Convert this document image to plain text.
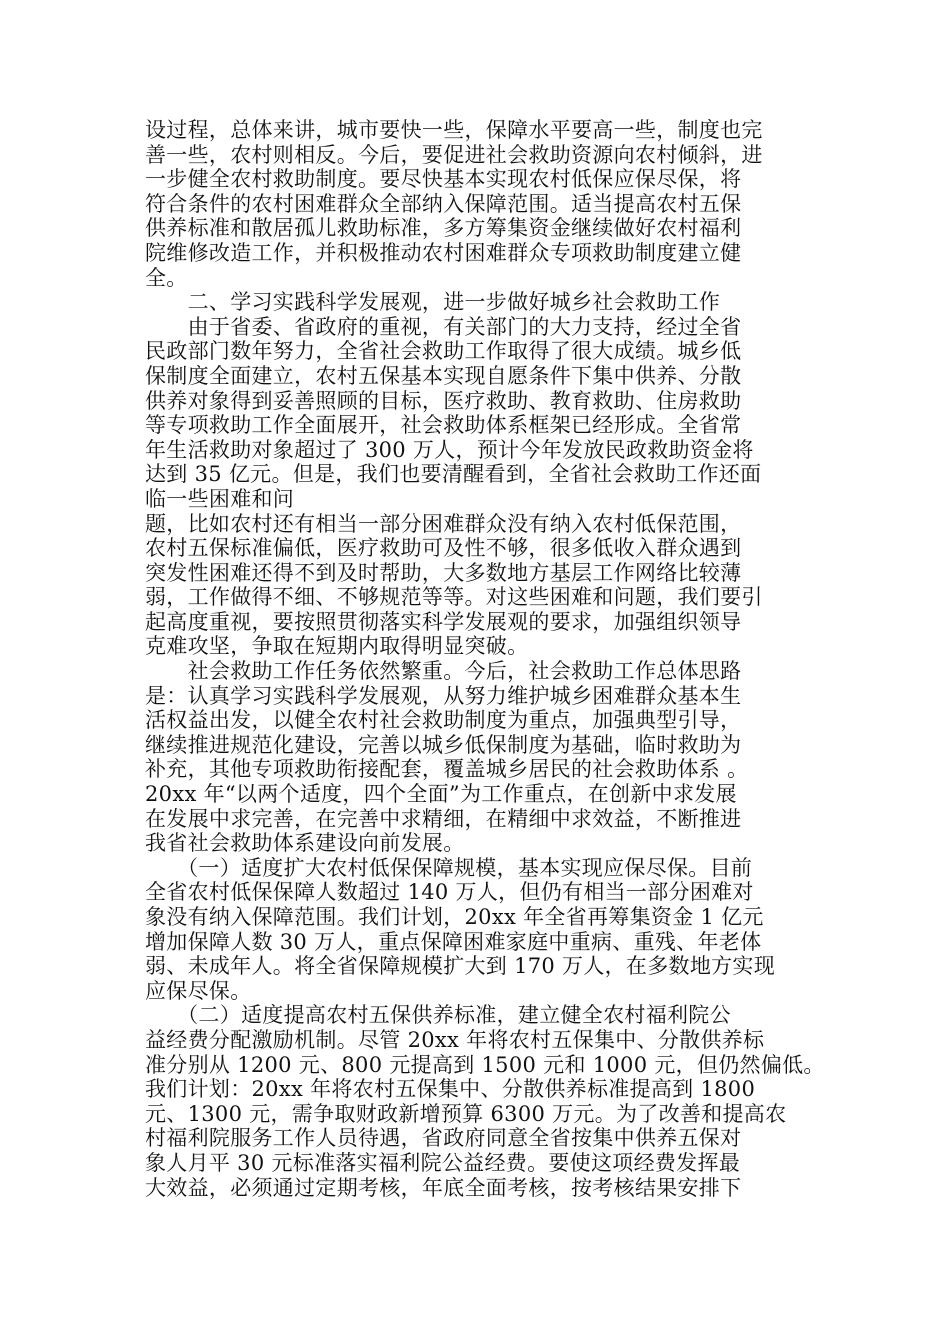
设过程，总体来讲，城市要快一些，保障水平要高一些，制度也完
善一些，农村则相反。今后，要促进社会救助资源向农村倾斜，进
一步健全农村救助制度。要尽快基本实现农村低保应保尽保，将
符合条件的农村困难群众全部纳入保障范围。适当提高农村五保
供养标准和散居孤儿救助标准，多方筹集资金继续做好农村福利
院维修改造工作，并积极推动农村困难群众专项救助制度建立健
全。
　　二、学习实践科学发展观，进一步做好城乡社会救助工作
　　由于省委、省政府的重视，有关部门的大力支持，经过全省
民政部门数年努力，全省社会救助工作取得了很大成绩。城乡低
保制度全面建立，农村五保基本实现自愿条件下集中供养、分散
供养对象得到妥善照顾的目标，医疗救助、教育救助、住房救助
等专项救助工作全面展开，社会救助体系框架已经形成。全省常
年生活救助对象超过了 300 万人，预计今年发放民政救助资金将
达到 35 亿元。但是，我们也要清醒看到，全省社会救助工作还面
临一些困难和问
题，比如农村还有相当一部分困难群众没有纳入农村低保范围，
农村五保标准偏低，医疗救助可及性不够，很多低收入群众遇到
突发性困难还得不到及时帮助，大多数地方基层工作网络比较薄
弱，工作做得不细、不够规范等等。对这些困难和问题，我们要引
起高度重视，要按照贯彻落实科学发展观的要求，加强组织领导
克难攻坚，争取在短期内取得明显突破。
　　社会救助工作任务依然繁重。今后，社会救助工作总体思路
是：认真学习实践科学发展观，从努力维护城乡困难群众基本生
活权益出发，以健全农村社会救助制度为重点，加强典型引导，
继续推进规范化建设，完善以城乡低保制度为基础，临时救助为
补充，其他专项救助衔接配套，覆盖城乡居民的社会救助体系 。
20xx 年“以两个适度，四个全面”为工作重点，在创新中求发展
在发展中求完善，在完善中求精细，在精细中求效益，不断推进
我省社会救助体系建设向前发展。
　　（一）适度扩大农村低保保障规模，基本实现应保尽保。目前
全省农村低保保障人数超过 140 万人，但仍有相当一部分困难对
象没有纳入保障范围。我们计划，20xx 年全省再筹集资金 1 亿元
增加保障人数 30 万人，重点保障困难家庭中重病、重残、年老体
弱、未成年人。将全省保障规模扩大到 170 万人，在多数地方实现
应保尽保。
　　（二）适度提高农村五保供养标准，建立健全农村福利院公
益经费分配激励机制。尽管 20xx 年将农村五保集中、分散供养标
准分别从 1200 元、800 元提高到 1500 元和 1000 元，但仍然偏低。
我们计划：20xx 年将农村五保集中、分散供养标准提高到 1800
元、1300 元，需争取财政新增预算 6300 万元。为了改善和提高农
村福利院服务工作人员待遇，省政府同意全省按集中供养五保对
象人月平 30 元标准落实福利院公益经费。要使这项经费发挥最
大效益，必须通过定期考核，年底全面考核，按考核结果安排下
